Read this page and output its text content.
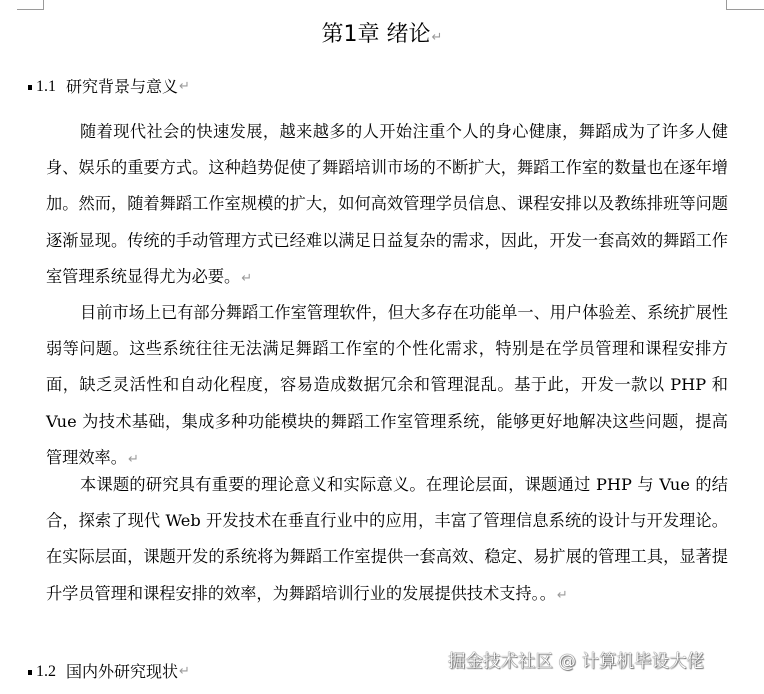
第1章 绪论↵
1.1 研究背景与意义 ↵

随着现代社会的快速发展，越来越多的人开始注重个人的身心健康，舞蹈成为了许多人健身、娱乐的重要方式。这种趋势促使了舞蹈培训市场的不断扩大，舞蹈工作室的数量也在逐年增加。然而，随着舞蹈工作室规模的扩大，如何高效管理学员信息、课程安排以及教练排班等问题逐渐显现。传统的手动管理方式已经难以满足日益复杂的需求，因此，开发一套高效的舞蹈工作室管理系统显得尤为必要。↵

目前市场上已有部分舞蹈工作室管理软件，但大多存在功能单一、用户体验差、系统扩展性弱等问题。这些系统往往无法满足舞蹈工作室的个性化需求，特别是在学员管理和课程安排方面，缺乏灵活性和自动化程度，容易造成数据冗余和管理混乱。基于此，开发一款以 PHP 和 Vue 为技术基础，集成多种功能模块的舞蹈工作室管理系统，能够更好地解决这些问题，提高管理效率。↵

本课题的研究具有重要的理论意义和实际意义。在理论层面，课题通过 PHP 与 Vue 的结合，探索了现代 Web 开发技术在垂直行业中的应用，丰富了管理信息系统的设计与开发理论。在实际层面，课题开发的系统将为舞蹈工作室提供一套高效、稳定、易扩展的管理工具，显著提升学员管理和课程安排的效率，为舞蹈培训行业的发展提供技术支持。。↵

1.2 国内外研究现状 ↵	掘金技术社区 @ 计算机毕设大佬
